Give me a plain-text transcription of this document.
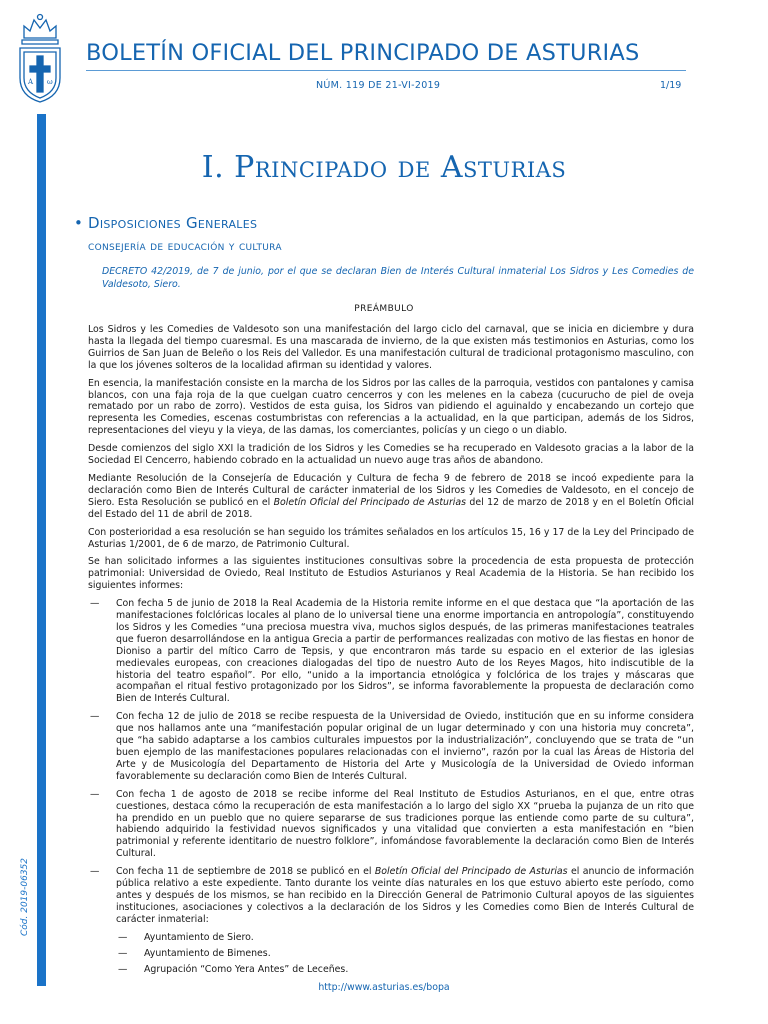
A ω
BOLETÍN OFICIAL DEL PRINCIPADO DE ASTURIAS
NÚM. 119 DE 21-VI-2019	1/19
Cód. 2019-06352
I. Principado de Asturias
• Disposiciones Generales
consejería de educación y cultura
DECRETO 42/2019, de 7 de junio, por el que se declaran Bien de Interés Cultural inmaterial Los Sidros y Les Comedies de Valdesoto, Siero.
PREÁMBULO

Los Sidros y les Comedies de Valdesoto son una manifestación del largo ciclo del carnaval, que se inicia en diciembre y dura hasta la llegada del tiempo cuaresmal. Es una mascarada de invierno, de la que existen más testimonios en Asturias, como los Guirrios de San Juan de Beleño o los Reis del Valledor. Es una manifestación cultural de tradicional protagonismo masculino, con la que los jóvenes solteros de la localidad afirman su identidad y valores.

En esencia, la manifestación consiste en la marcha de los Sidros por las calles de la parroquia, vestidos con pantalones y camisa blancos, con una faja roja de la que cuelgan cuatro cencerros y con les melenes en la cabeza (cucurucho de piel de oveja rematado por un rabo de zorro). Vestidos de esta guisa, los Sidros van pidiendo el aguinaldo y encabezando un cortejo que representa les Comedies, escenas costumbristas con referencias a la actualidad, en la que participan, además de los Sidros, representaciones del vieyu y la vieya, de las damas, los comerciantes, policías y un ciego o un diablo.

Desde comienzos del siglo XXI la tradición de los Sidros y les Comedies se ha recuperado en Valdesoto gracias a la labor de la Sociedad El Cencerro, habiendo cobrado en la actualidad un nuevo auge tras años de abandono.

Mediante Resolución de la Consejería de Educación y Cultura de fecha 9 de febrero de 2018 se incoó expediente para la declaración como Bien de Interés Cultural de carácter inmaterial de los Sidros y les Comedies de Valdesoto, en el concejo de Siero. Esta Resolución se publicó en el Boletín Oficial del Principado de Asturias del 12 de marzo de 2018 y en el Boletín Oficial del Estado del 11 de abril de 2018.

Con posterioridad a esa resolución se han seguido los trámites señalados en los artículos 15, 16 y 17 de la Ley del Principado de Asturias 1/2001, de 6 de marzo, de Patrimonio Cultural.

Se han solicitado informes a las siguientes instituciones consultivas sobre la procedencia de esta propuesta de protección patrimonial: Universidad de Oviedo, Real Instituto de Estudios Asturianos y Real Academia de la Historia. Se han recibido los siguientes informes:

— Con fecha 5 de junio de 2018 la Real Academia de la Historia remite informe en el que destaca que “la aportación de las manifestaciones folclóricas locales al plano de lo universal tiene una enorme importancia en antropología”, constituyendo los Sidros y les Comedies “una preciosa muestra viva, muchos siglos después, de las primeras manifestaciones teatrales que fueron desarrollándose en la antigua Grecia a partir de performances realizadas con motivo de las fiestas en honor de Dioniso a partir del mítico Carro de Tepsis, y que encontraron más tarde su espacio en el exterior de las iglesias medievales europeas, con creaciones dialogadas del tipo de nuestro Auto de los Reyes Magos, hito indiscutible de la historia del teatro español”. Por ello, “unido a la importancia etnológica y folclórica de los trajes y máscaras que acompañan el ritual festivo protagonizado por los Sidros”, se informa favorablemente la propuesta de declaración como Bien de Interés Cultural.
— Con fecha 12 de julio de 2018 se recibe respuesta de la Universidad de Oviedo, institución que en su informe considera que nos hallamos ante una “manifestación popular original de un lugar determinado y con una historia muy concreta”, que “ha sabido adaptarse a los cambios culturales impuestos por la industrialización”, concluyendo que se trata de “un buen ejemplo de las manifestaciones populares relacionadas con el invierno”, razón por la cual las Áreas de Historia del Arte y de Musicología del Departamento de Historia del Arte y Musicología de la Universidad de Oviedo informan favorablemente su declaración como Bien de Interés Cultural.
— Con fecha 1 de agosto de 2018 se recibe informe del Real Instituto de Estudios Asturianos, en el que, entre otras cuestiones, destaca cómo la recuperación de esta manifestación a lo largo del siglo XX “prueba la pujanza de un rito que ha prendido en un pueblo que no quiere separarse de sus tradiciones porque las entiende como parte de su cultura”, habiendo adquirido la festividad nuevos significados y una vitalidad que convierten a esta manifestación en “bien patrimonial y referente identitario de nuestro folklore”, infomándose favorablemente la declaración como Bien de Interés Cultural.
— Con fecha 11 de septiembre de 2018 se publicó en el Boletín Oficial del Principado de Asturias el anuncio de información pública relativo a este expediente. Tanto durante los veinte días naturales en los que estuvo abierto este período, como antes y después de los mismos, se han recibido en la Dirección General de Patrimonio Cultural apoyos de las siguientes instituciones, asociaciones y colectivos a la declaración de los Sidros y les Comedies como Bien de Interés Cultural de carácter inmaterial:
— Ayuntamiento de Siero.
— Ayuntamiento de Bimenes.
— Agrupación “Como Yera Antes” de Leceñes.
http://www.asturias.es/bopa
